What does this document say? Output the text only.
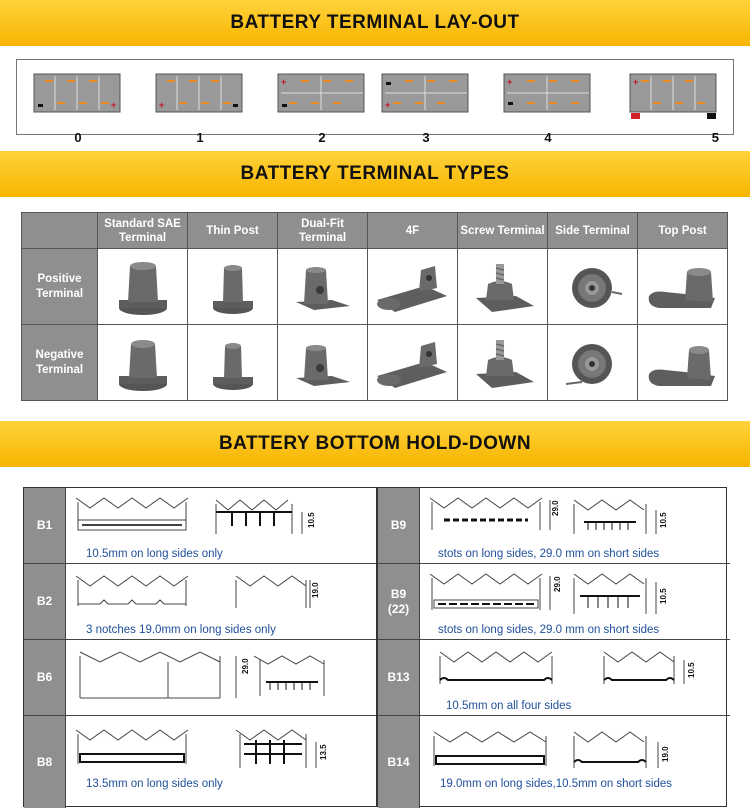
BATTERY TERMINAL LAY-OUT
BATTERY TERMINAL TYPES
BATTERY BOTTOM HOLD-DOWN
+
0
+
1
+
2
+
3
+
4
+
5
	Standard SAE Terminal	Thin Post	Dual-Fit Terminal	4F	Screw Terminal	Side Terminal	Top Post
Positive Terminal	

Negative Terminal	

B1	10.5
10.5mm on long sides only
B2
19.0
3 notches 19.0mm on long sides only
B6
29.0
B8
13.5
13.5mm on long sides only
B9
29.0
10.5
stots on long sides, 29.0 mm on short sides
B9
(22)
29.0
10.5
stots on long sides, 29.0 mm on short sides
B13	10.5
10.5mm on all four sides
B14	19.0
19.0mm on long sides,10.5mm on short sides
